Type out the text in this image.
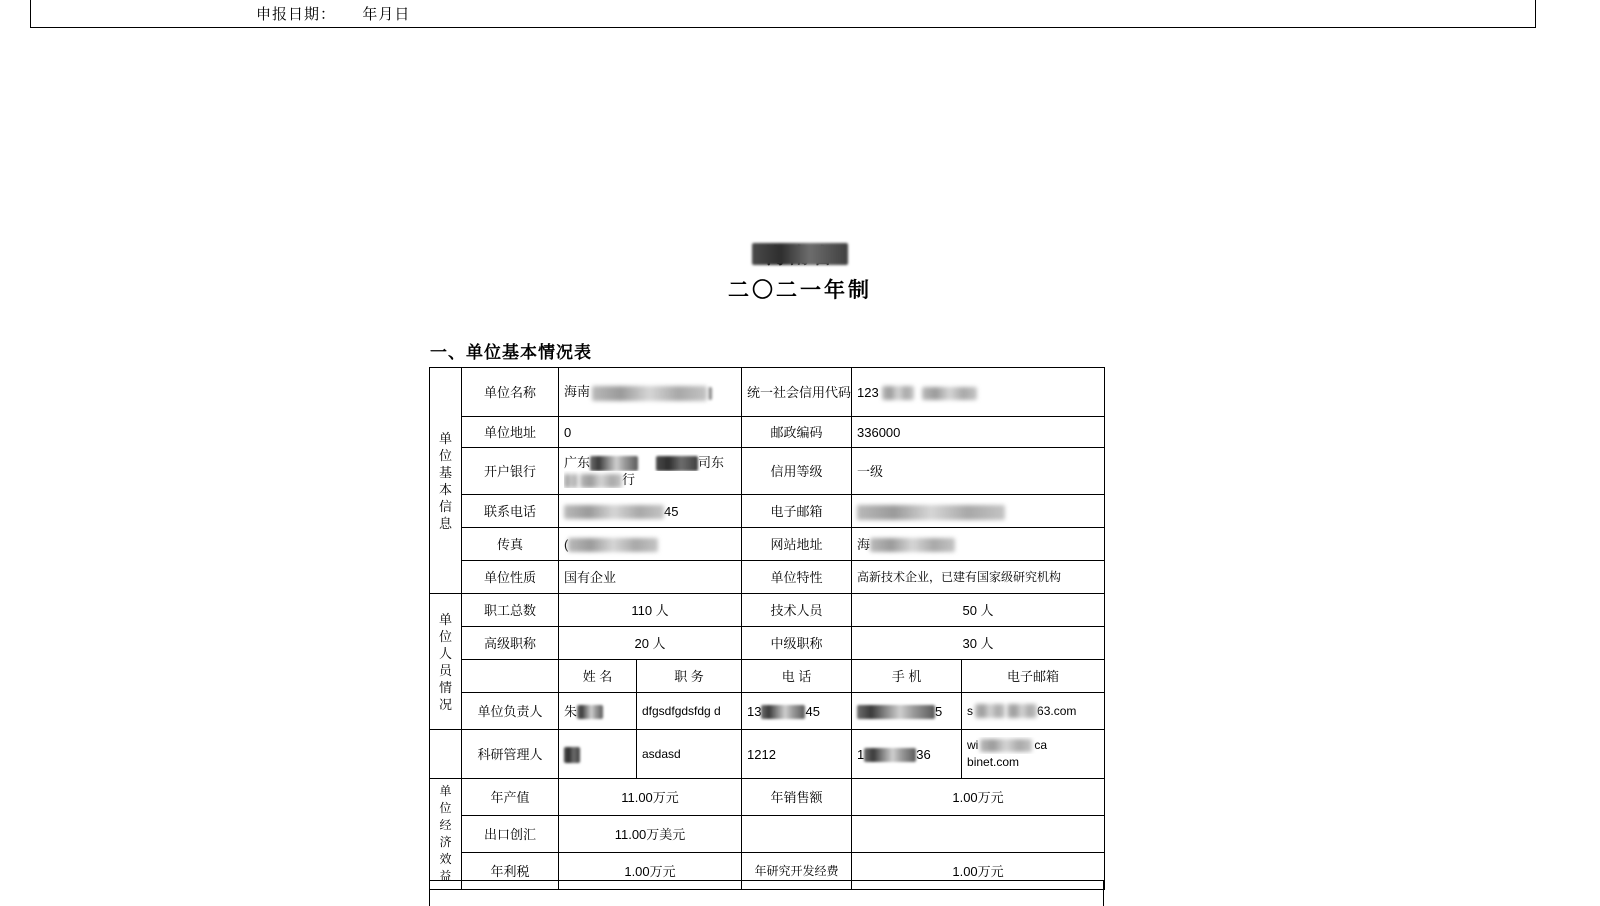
申报日期： 年月日
二〇二一年制
一、单位基本情况表
单
位
基
本
信
息
	单位名称	海南	统一社会信用代码	123
	单位地址	0		邮政编码	336000	
	开户银行	广东 司东
行		信用等级	一级	
	联系电话	45		电子邮箱		
	传真	(		网站地址	海	
	单位性质	国有企业		单位特性	高新技术企业，已建有国家级研究机构	

单
位
人
员
情
况
	职工总数	110 人	技术人员	50 人
	高级职称	20 人		中级职称	30 人	
		姓 名	职 务	电 话	手 机	电子邮箱
	单位负责人	朱	dfgsdfgdsfdg d	13 45	5	s 63.com
	科研管理人		asdasd	1212	1 36	wi ca
binet.com

单位
经济
效益	年产值	11.00万元		年销售额	1.00万元	
	出口创汇	11.00万美元				
	年利税	1.00万元		年研究开发经费	1.00万元	
